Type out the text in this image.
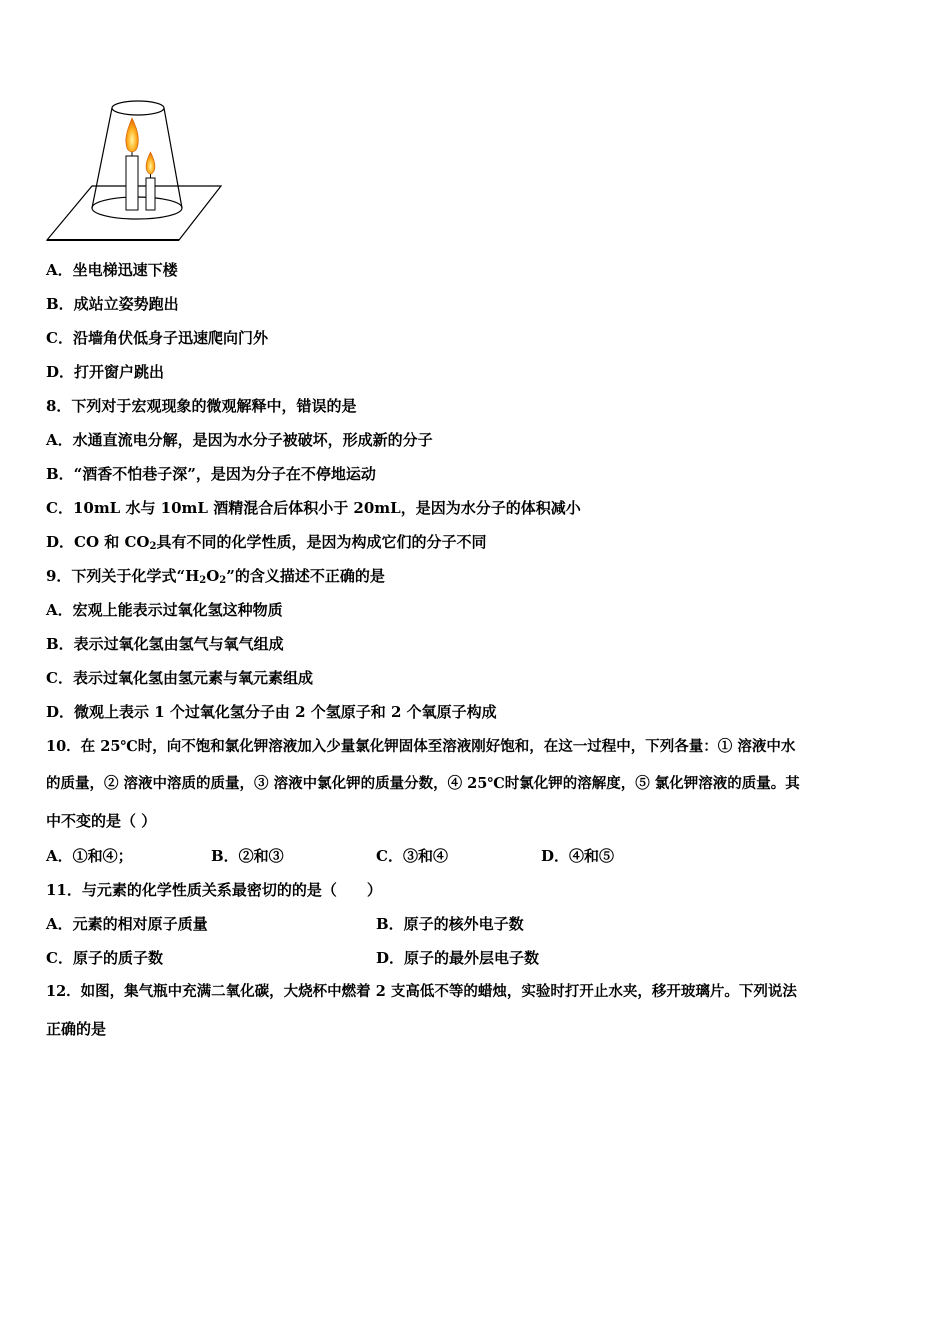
A．坐电梯迅速下楼
B．成站立姿势跑出
C．沿墙角伏低身子迅速爬向门外
D．打开窗户跳出
8．下列对于宏观现象的微观解释中，错误的是
A．水通直流电分解，是因为水分子被破坏，形成新的分子
B．“酒香不怕巷子深”，是因为分子在不停地运动
C．10mL 水与 10mL 酒精混合后体积小于 20mL，是因为水分子的体积减小
D．CO 和 $CO_2$具有不同的化学性质，是因为构成它们的分子不同
9．下列关于化学式“$H_2O_2$”的含义描述不正确的是
A．宏观上能表示过氧化氢这种物质
B．表示过氧化氢由氢气与氧气组成
C．表示过氧化氢由氢元素与氧元素组成
D．微观上表示 1 个过氧化氢分子由 2 个氢原子和 2 个氧原子构成
10．在 25℃时，向不饱和氯化钾溶液加入少量氯化钾固体至溶液刚好饱和，在这一过程中，下列各量：① 溶液中水
的质量，② 溶液中溶质的质量，③ 溶液中氯化钾的质量分数，④ 25℃时氯化钾的溶解度，⑤ 氯化钾溶液的质量。其
中不变的是（ ）
A．①和④；	B．②和③	C．③和④	D．④和⑤
11．与元素的化学性质关系最密切的的是（　　）
A．元素的相对原子质量	B．原子的核外电子数
C．原子的质子数	D．原子的最外层电子数
12．如图，集气瓶中充满二氧化碳，大烧杯中燃着 2 支高低不等的蜡烛，实验时打开止水夹，移开玻璃片。下列说法
正确的是
